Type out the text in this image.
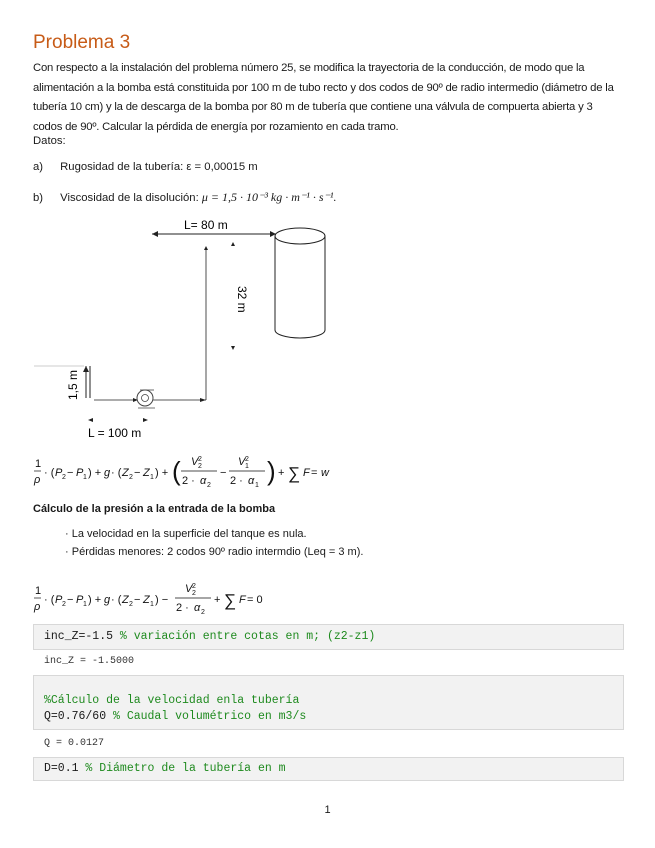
Problema 3
Con respecto a la instalación del problema número 25, se modifica la trayectoria de la conducción, de modo que la alimentación a la bomba está constituida por 100 m de tubo recto y dos codos de 90º de radio intermedio (diámetro de la tubería 10 cm) y la de descarga de la bomba por 80 m de tubería que contiene una válvula de compuerta abierta y 3 codos de 90º. Calcular la pérdida de energía por rozamiento en cada tramo.
Datos:
a) Rugosidad de la tubería: ε = 0,00015 m
b) Viscosidad de la disolución: μ = 1,5 · 10⁻³ kg · m⁻¹ · s⁻¹.
L= 80 m
32 m
1,5 m
L = 100 m
1
ρ
· ( P 2 − P 1 ) + g · ( Z 2 − Z 1 ) + ( V 2
2
2 · α 2
−
V 2
1
2 · α 1 ) + ∑ F = w
Cálculo de la presión a la entrada de la bomba
· La velocidad en la superficie del tanque es nula.
· Pérdidas menores: 2 codos 90º radio intermdio (Leq = 3 m).
1
ρ
· ( P 2 − P 1 ) + g · ( Z 2 − Z 1 ) −
V 2
2
2 · α 2
+ ∑ F = 0
inc_Z=-1.5 % variación entre cotas en m; (z2-z1)
inc_Z = -1.5000
%Cálculo de la velocidad enla tubería
Q=0.76/60 % Caudal volumétrico en m3/s
Q = 0.0127
D=0.1 % Diámetro de la tubería en m
1
